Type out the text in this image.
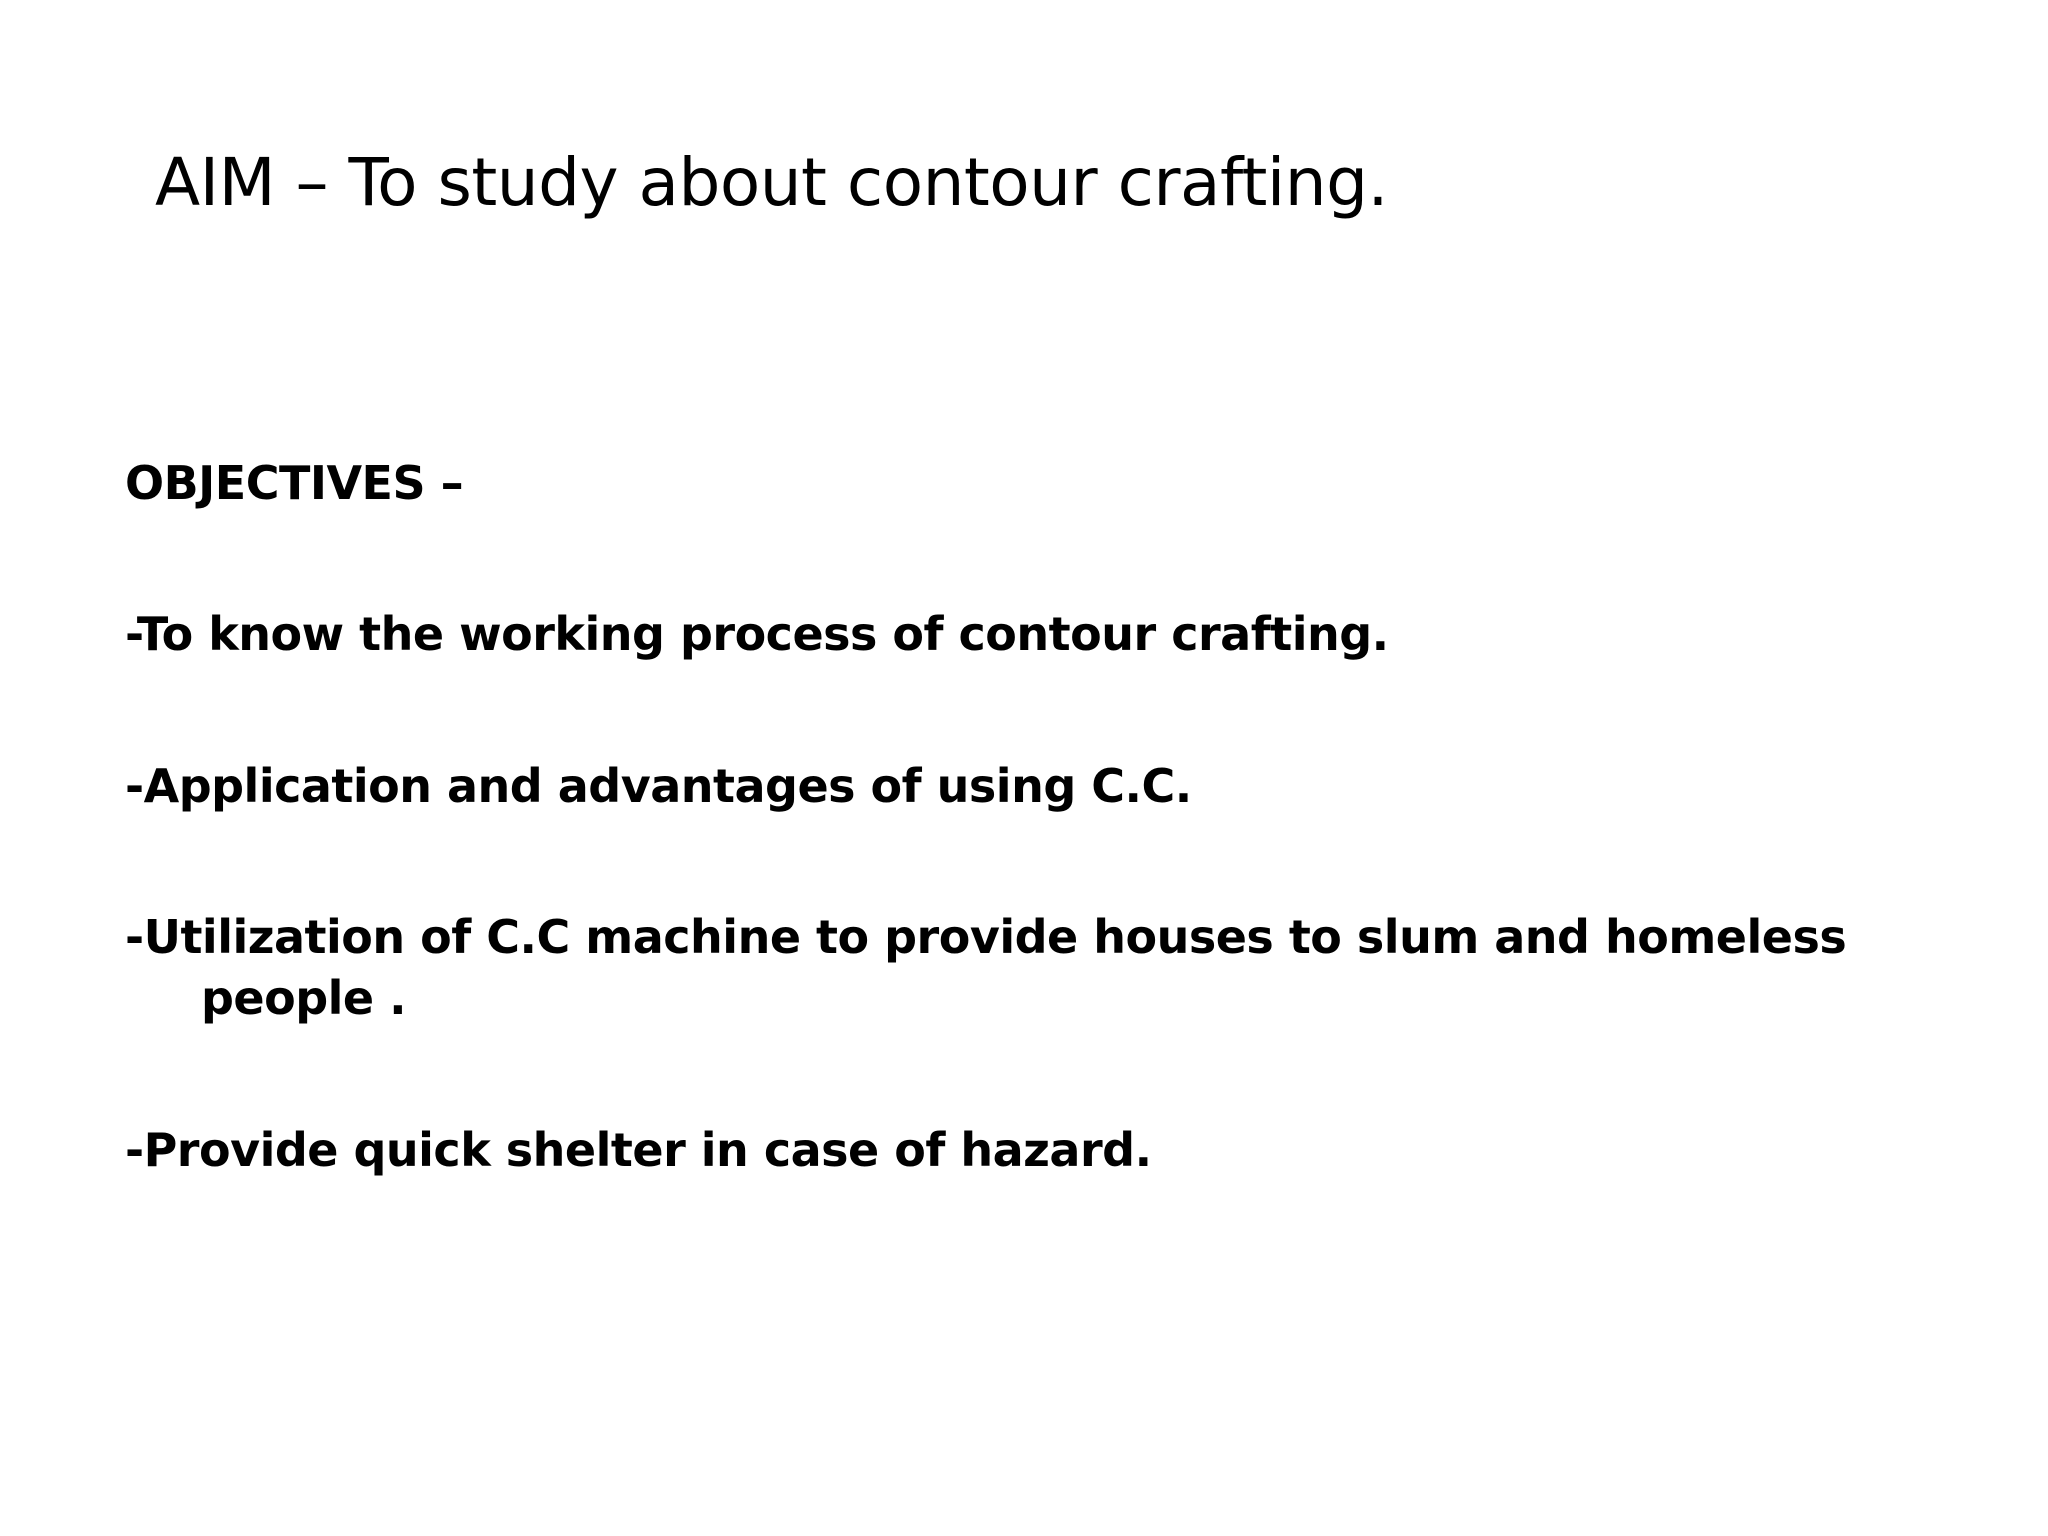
AIM – To study about contour crafting.

OBJECTIVES –

-To know the working process of contour crafting.

-Application and advantages of using C.C.

-Utilization of C.C machine to provide houses to slum and homeless people .

-Provide quick shelter in case of hazard.
